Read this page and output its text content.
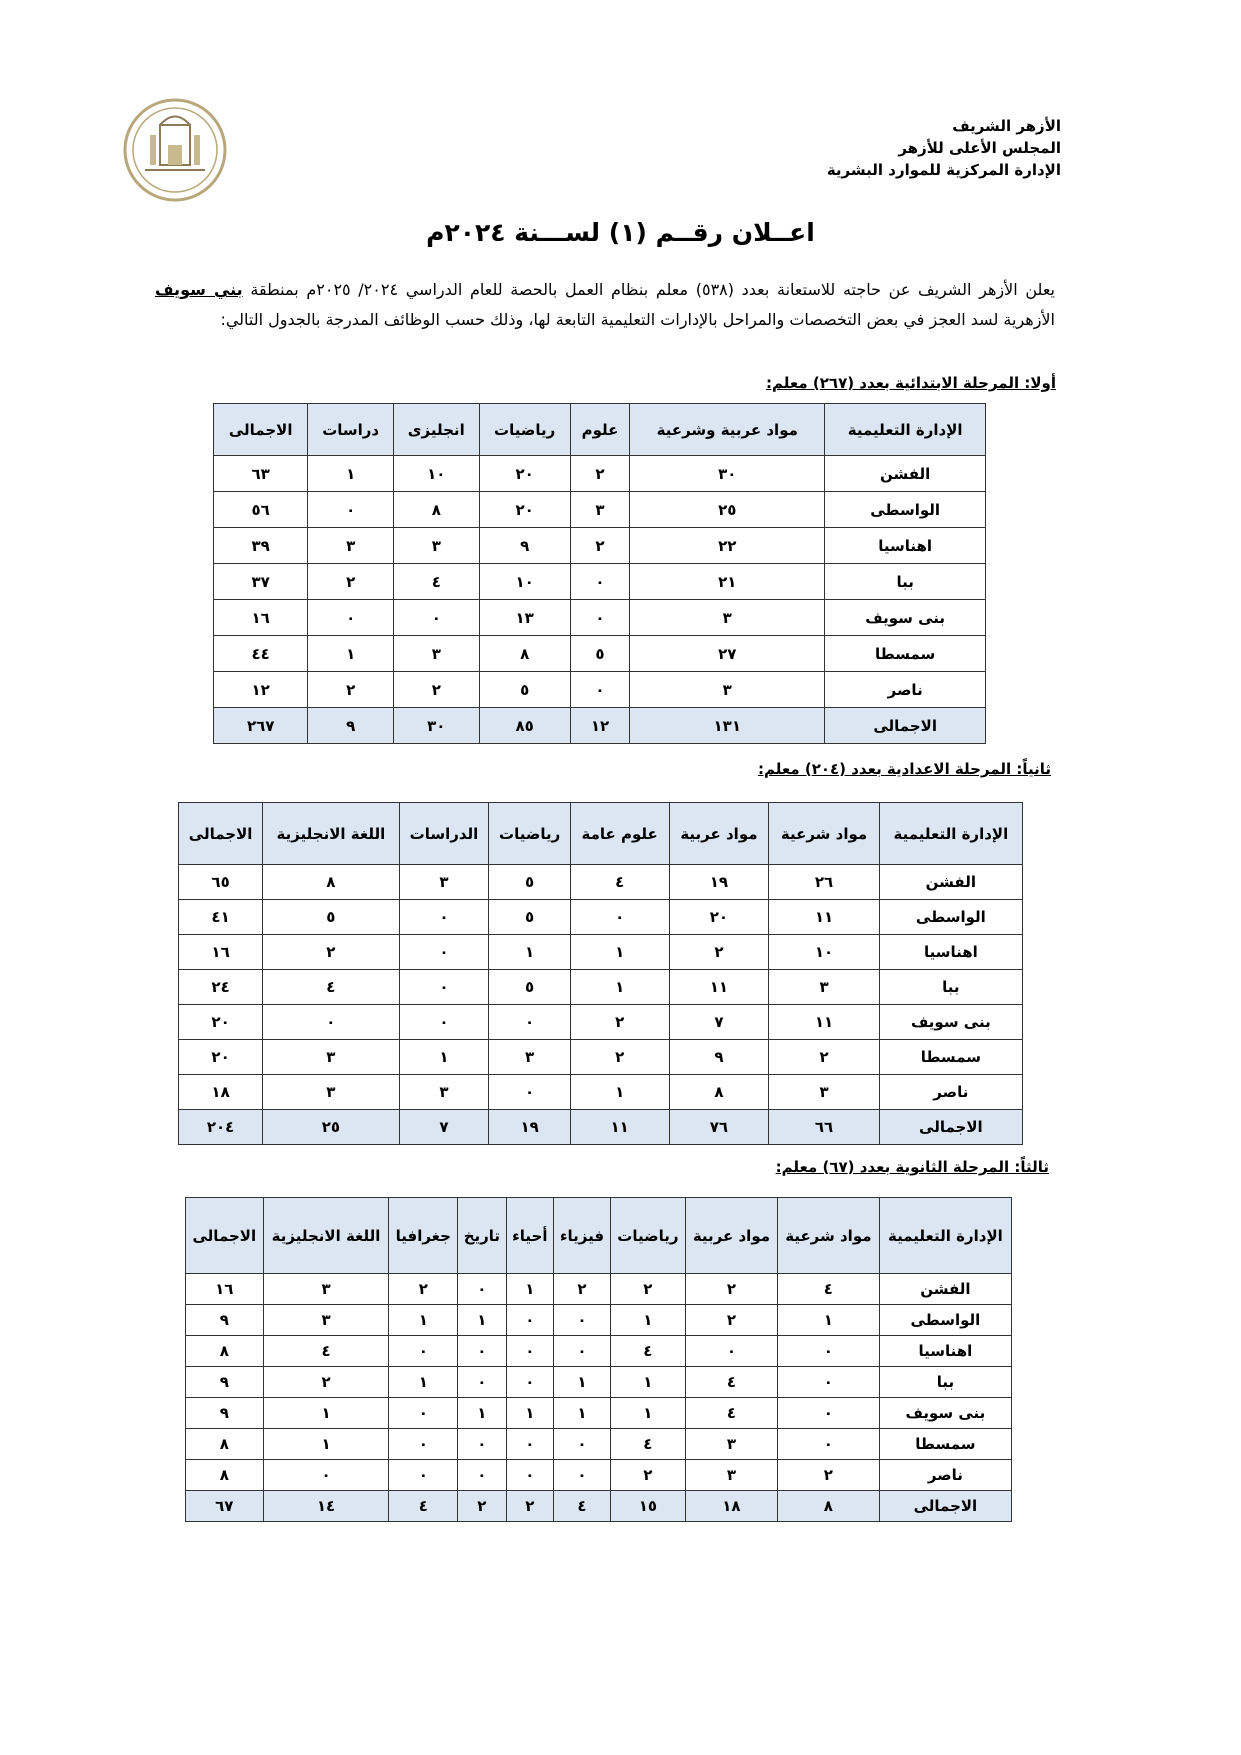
الأزهر الشريف
المجلس الأعلى للأزهر
الإدارة المركزية للموارد البشرية
اعــلان رقــم (١) لســـنة ٢٠٢٤م
يعلن الأزهر الشريف عن حاجته للاستعانة بعدد (٥٣٨) معلم بنظام العمل بالحصة للعام الدراسي ٢٠٢٤/ ٢٠٢٥م بمنطقة بني سويف الأزهرية لسد العجز في بعض التخصصات والمراحل بالإدارات التعليمية التابعة لها، وذلك حسب الوظائف المدرجة بالجدول التالي:
أولا: المرحلة الابتدائية بعدد (٢٦٧) معلم:
الإدارة التعليمية	مواد عربية وشرعية	علوم	رياضيات	انجليزى	دراسات	الاجمالى
الفشن	٣٠	٢	٢٠	١٠	١	٦٣
الواسطى	٢٥	٣	٢٠	٨	٠	٥٦
اهناسيا	٢٢	٢	٩	٣	٣	٣٩
ببا	٢١	٠	١٠	٤	٢	٣٧
بنى سويف	٣	٠	١٣	٠	٠	١٦
سمسطا	٢٧	٥	٨	٣	١	٤٤
ناصر	٣	٠	٥	٢	٢	١٢
الاجمالى	١٣١	١٢	٨٥	٣٠	٩	٢٦٧
ثانياً: المرحلة الاعدادية بعدد (٢٠٤) معلم:
الإدارة التعليمية	مواد شرعية	مواد عربية	علوم عامة	رياضيات	الدراسات	اللغة الانجليزية	الاجمالى
الفشن	٢٦	١٩	٤	٥	٣	٨	٦٥
الواسطى	١١	٢٠	٠	٥	٠	٥	٤١
اهناسيا	١٠	٢	١	١	٠	٢	١٦
ببا	٣	١١	١	٥	٠	٤	٢٤
بنى سويف	١١	٧	٢	٠	٠	٠	٢٠
سمسطا	٢	٩	٢	٣	١	٣	٢٠
ناصر	٣	٨	١	٠	٣	٣	١٨
الاجمالى	٦٦	٧٦	١١	١٩	٧	٢٥	٢٠٤
ثالثاً: المرحلة الثانوية بعدد (٦٧) معلم:
الإدارة التعليمية	مواد شرعية	مواد عربية	رياضيات	فيزياء	أحياء	تاريخ	جغرافيا	اللغة الانجليزية	الاجمالى
الفشن	٤	٢	٢	٢	١	٠	٢	٣	١٦
الواسطى	١	٢	١	٠	٠	١	١	٣	٩
اهناسيا	٠	٠	٤	٠	٠	٠	٠	٤	٨
ببا	٠	٤	١	١	٠	٠	١	٢	٩
بنى سويف	٠	٤	١	١	١	١	٠	١	٩
سمسطا	٠	٣	٤	٠	٠	٠	٠	١	٨
ناصر	٢	٣	٢	٠	٠	٠	٠	٠	٨
الاجمالى	٨	١٨	١٥	٤	٢	٢	٤	١٤	٦٧
